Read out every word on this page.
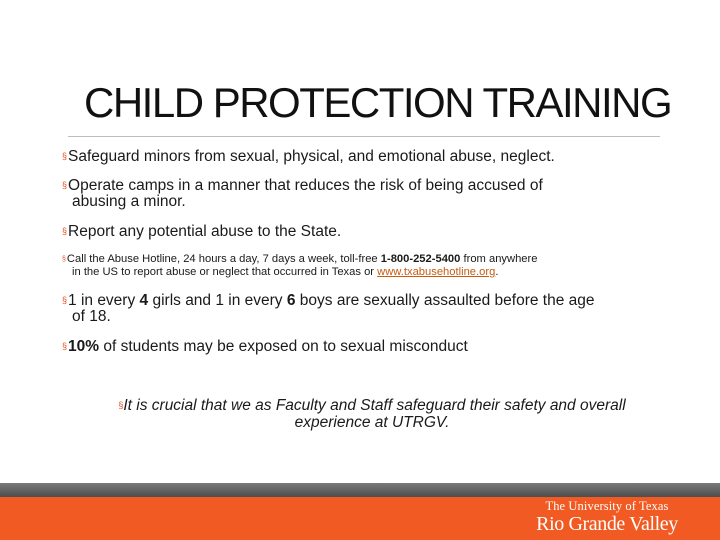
CHILD PROTECTION TRAINING
§Safeguard minors from sexual, physical, and emotional abuse, neglect.
§Operate camps in a manner that reduces the risk of being accused of
abusing a minor.
§Report any potential abuse to the State.
§Call the Abuse Hotline, 24 hours a day, 7 days a week, toll-free 1-800-252-5400 from anywhere
in the US to report abuse or neglect that occurred in Texas or www.txabusehotline.org.
§1 in every 4 girls and 1 in every 6 boys are sexually assaulted before the age
of 18.
§10% of students may be exposed on to sexual misconduct
§It is crucial that we as Faculty and Staff safeguard their safety and overall
experience at UTRGV.
The University of Texas
Rio Grande Valley
